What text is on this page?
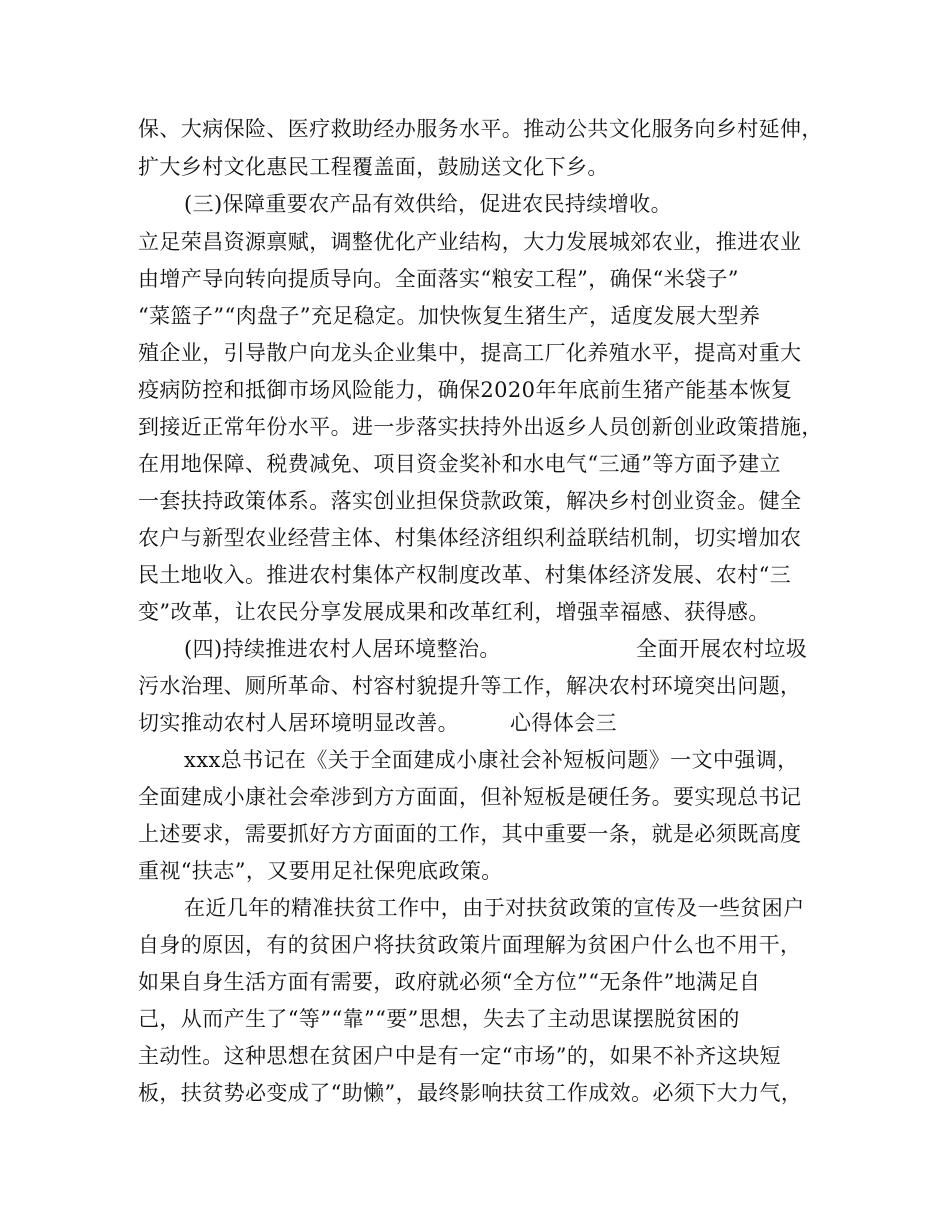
保、大病保险、医疗救助经办服务水平。推动公共文化服务向乡村延伸，
扩大乡村文化惠民工程覆盖面，鼓励送文化下乡。
(三)保障重要农产品有效供给，促进农民持续增收。
立足荣昌资源禀赋，调整优化产业结构，大力发展城郊农业，推进农业
由增产导向转向提质导向。全面落实“粮安工程”，确保“米袋子”
“菜篮子”“肉盘子”充足稳定。加快恢复生猪生产，适度发展大型养
殖企业，引导散户向龙头企业集中，提高工厂化养殖水平，提高对重大
疫病防控和抵御市场风险能力，确保2020年年底前生猪产能基本恢复
到接近正常年份水平。进一步落实扶持外出返乡人员创新创业政策措施，
在用地保障、税费减免、项目资金奖补和水电气“三通”等方面予建立
一套扶持政策体系。落实创业担保贷款政策，解决乡村创业资金。健全
农户与新型农业经营主体、村集体经济组织利益联结机制，切实增加农
民土地收入。推进农村集体产权制度改革、村集体经济发展、农村“三
变”改革，让农民分享发展成果和改革红利，增强幸福感、获得感。
(四)持续推进农村人居环境整治。	全面开展农村垃圾
污水治理、厕所革命、村容村貌提升等工作，解决农村环境突出问题，
切实推动农村人居环境明显改善。	心得体会三
xxx总书记在《关于全面建成小康社会补短板问题》一文中强调，
全面建成小康社会牵涉到方方面面，但补短板是硬任务。要实现总书记
上述要求，需要抓好方方面面的工作，其中重要一条，就是必须既高度
重视“扶志”，又要用足社保兜底政策。
在近几年的精准扶贫工作中，由于对扶贫政策的宣传及一些贫困户
自身的原因，有的贫困户将扶贫政策片面理解为贫困户什么也不用干，
如果自身生活方面有需要，政府就必须“全方位”“无条件”地满足自
己，从而产生了“等”“靠”“要”思想，失去了主动思谋摆脱贫困的
主动性。这种思想在贫困户中是有一定“市场”的，如果不补齐这块短
板，扶贫势必变成了“助懒”，最终影响扶贫工作成效。必须下大力气，
